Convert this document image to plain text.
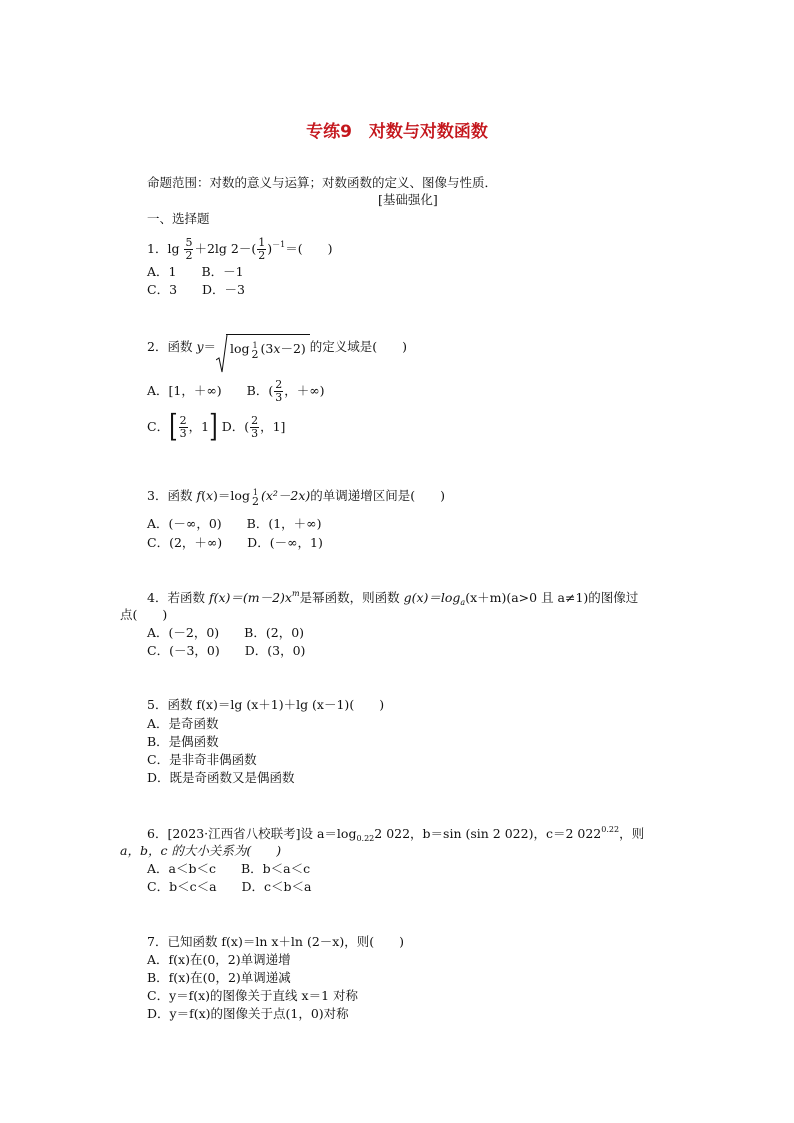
专练9　对数与对数函数
命题范围：对数的意义与运算；对数函数的定义、图像与性质．
[基础强化]
一、选择题
1．$\lg \frac{5}{2} +2\lg$ $2-( \frac{1}{2} )^{-1}=$(　　)
A．1　　B．－1
C．3　　D．－3
2．函数 y＝ log 1
2 (3x－2) 的定义域是(　　)
A．[1，＋∞)　　 B．( $\frac{2}{3}$ ，＋∞)
C．[ $\frac{2}{3}$ ，1] D．( $\frac{2}{3}$ ，1]
3．函数 f(x)＝log 1
2 (x²－2x)的单调递增区间是(　　)
A．(－∞，0)　　B．(1，＋∞)
C．(2，＋∞)　　D．(－∞，1)
4．若函数 $f(x)=(m-2)x^m$是幂函数，则函数 $g(x)=\log_a(x+m)(a>0$ 且 a≠1)的图像过
点(　　)
A．(－2，0)　　B．(2，0)
C．(－3，0)　　D．(3，0)
5．函数 f(x)＝lg (x＋1)＋lg (x－1)(　　)
A．是奇函数
B．是偶函数
C．是非奇非偶函数
D．既是奇函数又是偶函数
6．[2023·江西省八校联考]设 $a=\log_{0.22}2$ 022，b＝sin (sin 2 022)，c＝2 $022^{0.22}$，则
a，b，c 的大小关系为(　　)
A．a＜b＜c　　B．b＜a＜c
C．b＜c＜a　　D．c＜b＜a
7．已知函数 f(x)＝ln x＋ln (2－x)，则(　　)
A．f(x)在(0，2)单调递增
B．f(x)在(0，2)单调递减
C．y＝f(x)的图像关于直线 x＝1 对称
D．y＝f(x)的图像关于点(1，0)对称
